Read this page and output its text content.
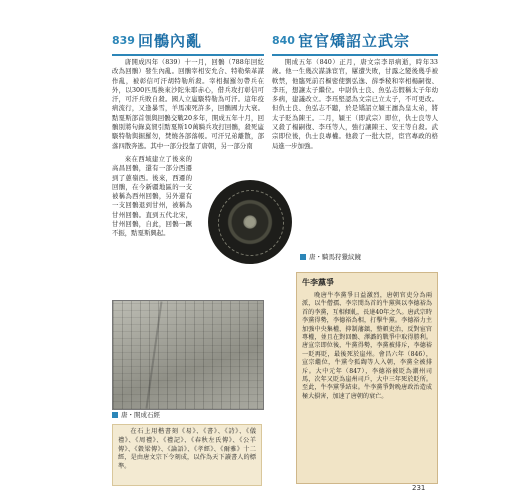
839 回鶻內亂

唐開成四年（839）十一月，回鶻（788年回紇改為回鶻）發生內亂。回鶻宰相安允合、特勒柴革謀作亂，被彰信可汗胡特勒所殺。宰相掘羅勿帶兵在外，以300匹馬換來沙陀朱耶赤心，借兵攻打彰信可汗，可汗兵敗自殺。國人立廅馺特勒為可汗。這年疫病流行，又逢暴雪，羊馬凍死許多，回鶻國力大衰。黠戛斯部首領與回鶻交戰20多年，開成五年十月，回鶻別將句錄莫賀引黠戛斯10萬騎兵攻打回鶻，殺死廅馺特勒與掘羅勿，焚燒各部落帳。可汗兄弟離散，部落四散奔逃。其中一部分投靠了唐朝，另一部分南

來在西域建立了後來的高昌回鶻，還有一部分西遷到了蔥嶺西。後來，西遷的回鶻，在今新疆地區的一支被稱為西州回鶻，另外還有一支回鶻退到甘州，被稱為甘州回鶻。直到五代北宋，甘州回鶻，自此，回鶻一蹶不振，黠戛斯興起。

840 宦官矯詔立武宗

開成五年（840）正月，唐文宗李昂病逝，時年33歲。他一生幾次謀誅宦官，屢遭失敗，甘露之變後幾乎被軟禁，他臨死前召樞密使劉弘逸、薛季稜和宰相楊嗣復、李珏，想讓太子繼位。中尉仇士良、魚弘志假稱太子年幼多病，建議改立。李珏堅認為文宗已立太子，不可更改。但仇士良、魚弘志不聽，於是矯詔立穎王瀍為皇太弟，將太子貶為陳王。二月，穎王（即武宗）即位，仇士良等人又殺了楊嗣復、李珏等人，強行讓陳王、安王等自殺。武宗即位後，仇士良專權。他殺了一批大臣，宦官專政的格局進一步加強。

唐・騎馬狩獵紋鏡
唐・開成石經

在石上用楷書刻《易》、《書》、《詩》、《儀禮》、《周禮》、《禮記》、《春秋左氏傳》、《公羊傳》、《穀梁傳》、《論語》、《孝經》、《爾雅》十二經，是由唐文宗下令刻成，以作為天下讀書人的標準。

牛李黨爭

晚唐牛李黨爭日益激烈，唐朝官吏分為兩派，以牛僧孺、李宗閔為首的牛黨與以李德裕為首的李黨，互相傾軋，長達40年之久。唐武宗時李黨得勢，李德裕為相，打擊牛黨。李德裕力主加強中央集權，抑制藩鎮，整頓吏治，反對宦官專權，並且在對回鶻、澤潞的戰爭中取得勝利。唐宣宗即位後，牛黨得勢，李黨被排斥，李德裕一貶再貶，最後死於崖州。會昌六年（846），宣宗繼位，牛黨令狐綯等人入朝，李黨全被排斥。大中元年（847），李德裕被貶為潮州司馬，次年又貶為崖州司戶，大中三年死於貶所。至此，牛李黨爭結束。牛李黨爭對晚唐政治造成極大損害，加速了唐朝的衰亡。

231
